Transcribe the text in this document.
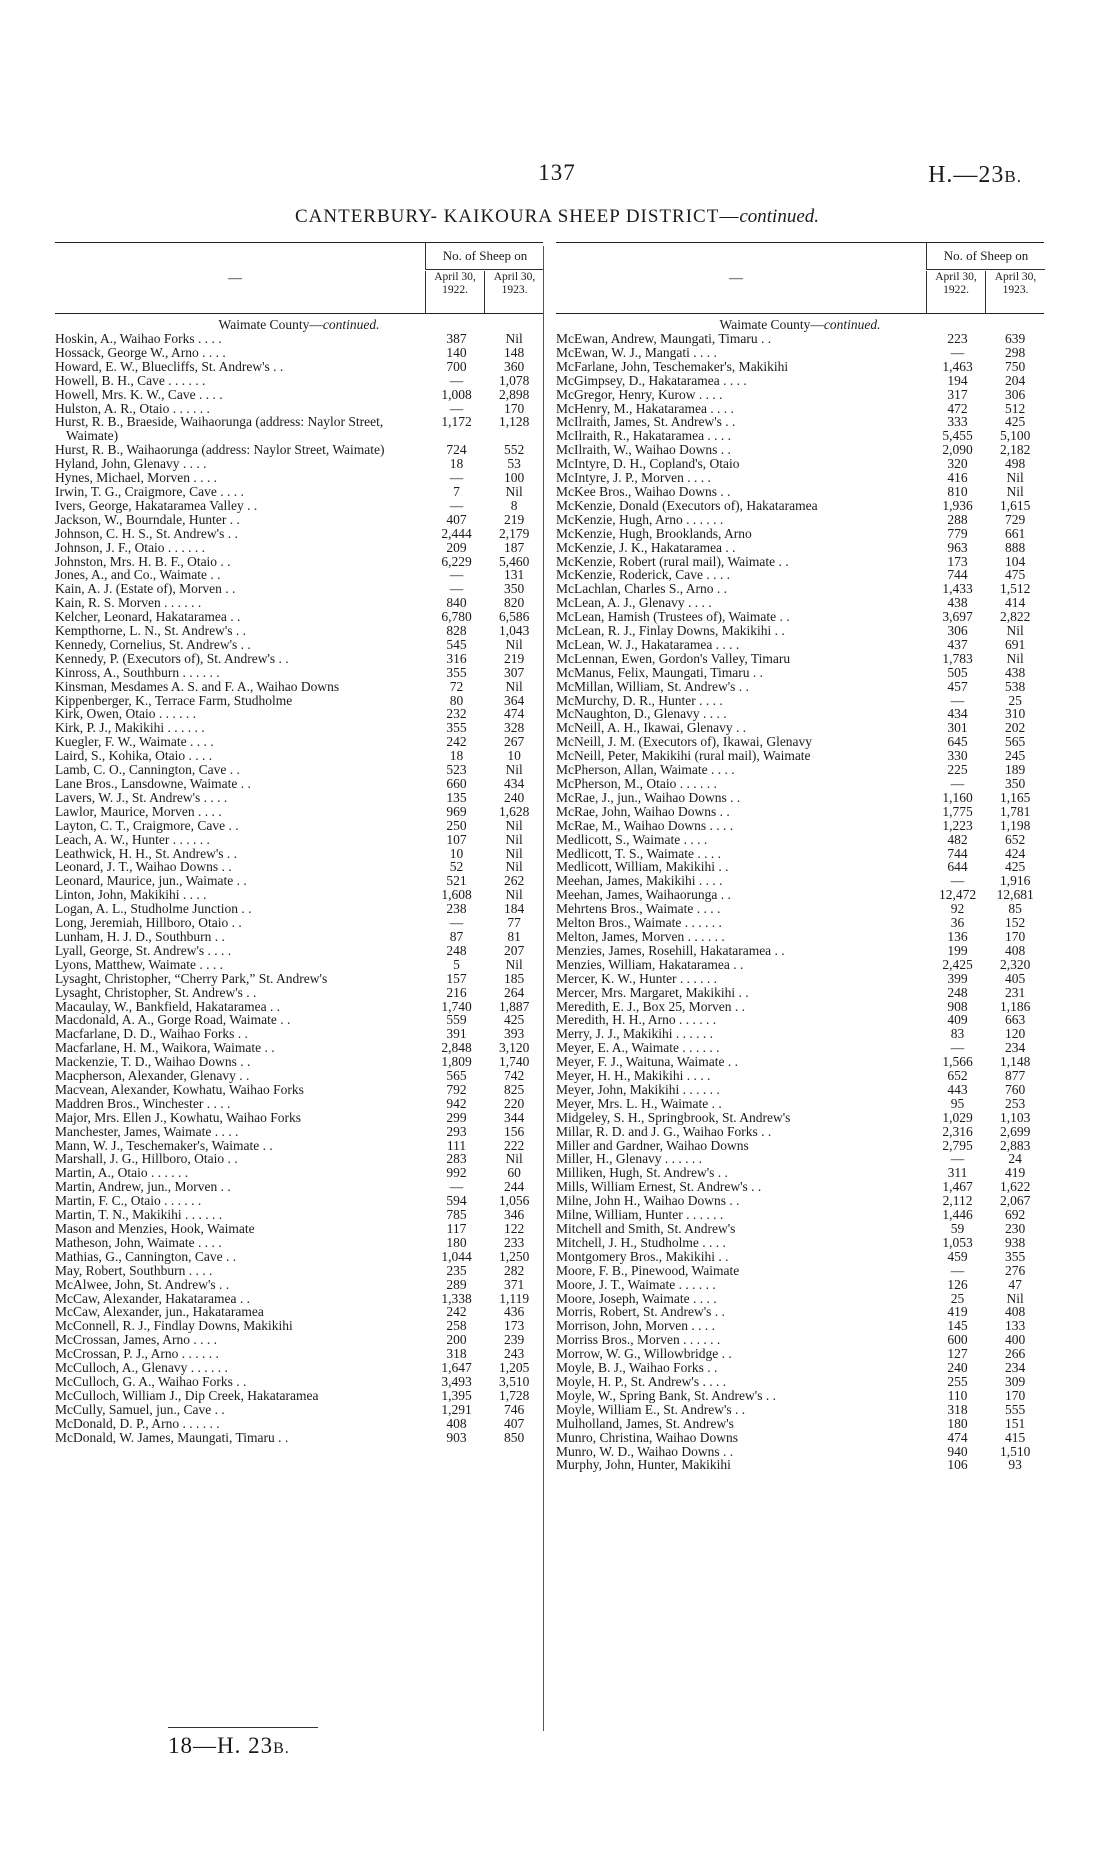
137	H.—23B.
CANTERBURY- KAIKOURA SHEEP DISTRICT—continued.
—
No. of Sheep on
April 30, 1922.
April 30, 1923.
Waimate County—continued.
Hoskin, A., Waihao Forks . . . .	387	Nil
Hossack, George W., Arno . . . .	140	148
Howard, E. W., Bluecliffs, St. Andrew's . .	700	360
Howell, B. H., Cave . . . . . .	—	1,078
Howell, Mrs. K. W., Cave . . . .	1,008	2,898
Hulston, A. R., Otaio . . . . . .	—	170
Hurst, R. B., Braeside, Waihaorunga (address: Naylor Street, Waimate)
1,172	1,128
Hurst, R. B., Waihaorunga (address: Naylor Street, Waimate)	724	552
Hyland, John, Glenavy . . . .	18	53
Hynes, Michael, Morven . . . .	—	100
Irwin, T. G., Craigmore, Cave . . . .	7	Nil
Ivers, George, Hakataramea Valley . .	—	8
Jackson, W., Bourndale, Hunter . .	407	219
Johnson, C. H. S., St. Andrew's . .	2,444	2,179
Johnson, J. F., Otaio . . . . . .	209	187
Johnston, Mrs. H. B. F., Otaio . .	6,229	5,460
Jones, A., and Co., Waimate . .	—	131
Kain, A. J. (Estate of), Morven . .	—	350
Kain, R. S. Morven . . . . . .	840	820
Kelcher, Leonard, Hakataramea . .	6,780	6,586
Kempthorne, L. N., St. Andrew's . .	828	1,043
Kennedy, Cornelius, St. Andrew's . .	545	Nil
Kennedy, P. (Executors of), St. Andrew's . .	316	219
Kinross, A., Southburn . . . . . .	355	307
Kinsman, Mesdames A. S. and F. A., Waihao Downs	72	Nil
Kippenberger, K., Terrace Farm, Studholme	80	364
Kirk, Owen, Otaio . . . . . .	232	474
Kirk, P. J., Makikihi . . . . . .	355	328
Kuegler, F. W., Waimate . . . .	242	267
Laird, S., Kohika, Otaio . . . .	18	10
Lamb, C. O., Cannington, Cave . .	523	Nil
Lane Bros., Lansdowne, Waimate . .	660	434
Lavers, W. J., St. Andrew's . . . .	135	240
Lawlor, Maurice, Morven . . . .	969	1,628
Layton, C. T., Craigmore, Cave . .	250	Nil
Leach, A. W., Hunter . . . . . .	107	Nil
Leathwick, H. H., St. Andrew's . .	10	Nil
Leonard, J. T., Waihao Downs . .	52	Nil
Leonard, Maurice, jun., Waimate . .	521	262
Linton, John, Makikihi . . . .	1,608	Nil
Logan, A. L., Studholme Junction . .	238	184
Long, Jeremiah, Hillboro, Otaio . .	—	77
Lunham, H. J. D., Southburn . .	87	81
Lyall, George, St. Andrew's . . . .	248	207
Lyons, Matthew, Waimate . . . .	5	Nil
Lysaght, Christopher, “Cherry Park,” St. Andrew's	157	185
Lysaght, Christopher, St. Andrew's . .	216	264
Macaulay, W., Bankfield, Hakataramea . .	1,740	1,887
Macdonald, A. A., Gorge Road, Waimate . .	559	425
Macfarlane, D. D., Waihao Forks . .	391	393
Macfarlane, H. M., Waikora, Waimate . .	2,848	3,120
Mackenzie, T. D., Waihao Downs . .	1,809	1,740
Macpherson, Alexander, Glenavy . .	565	742
Macvean, Alexander, Kowhatu, Waihao Forks	792	825
Maddren Bros., Winchester . . . .	942	220
Major, Mrs. Ellen J., Kowhatu, Waihao Forks	299	344
Manchester, James, Waimate . . . .	293	156
Mann, W. J., Teschemaker's, Waimate . .	111	222
Marshall, J. G., Hillboro, Otaio . .	283	Nil
Martin, A., Otaio . . . . . .	992	60
Martin, Andrew, jun., Morven . .	—	244
Martin, F. C., Otaio . . . . . .	594	1,056
Martin, T. N., Makikihi . . . . . .	785	346
Mason and Menzies, Hook, Waimate	117	122
Matheson, John, Waimate . . . .	180	233
Mathias, G., Cannington, Cave . .	1,044	1,250
May, Robert, Southburn . . . .	235	282
McAlwee, John, St. Andrew's . .	289	371
McCaw, Alexander, Hakataramea . .	1,338	1,119
McCaw, Alexander, jun., Hakataramea	242	436
McConnell, R. J., Findlay Downs, Makikihi	258	173
McCrossan, James, Arno . . . .	200	239
McCrossan, P. J., Arno . . . . . .	318	243
McCulloch, A., Glenavy . . . . . .	1,647	1,205
McCulloch, G. A., Waihao Forks . .	3,493	3,510
McCulloch, William J., Dip Creek, Hakataramea	1,395	1,728
McCully, Samuel, jun., Cave . .	1,291	746
McDonald, D. P., Arno . . . . . .	408	407
McDonald, W. James, Maungati, Timaru . .	903	850
—
No. of Sheep on
April 30, 1922.
April 30, 1923.
Waimate County—continued.
McEwan, Andrew, Maungati, Timaru . .	223	639
McEwan, W. J., Mangati . . . .	—	298
McFarlane, John, Teschemaker's, Makikihi	1,463	750
McGimpsey, D., Hakataramea . . . .	194	204
McGregor, Henry, Kurow . . . .	317	306
McHenry, M., Hakataramea . . . .	472	512
McIlraith, James, St. Andrew's . .	333	425
McIlraith, R., Hakataramea . . . .	5,455	5,100
McIlraith, W., Waihao Downs . .	2,090	2,182
McIntyre, D. H., Copland's, Otaio	320	498
McIntyre, J. P., Morven . . . .	416	Nil
McKee Bros., Waihao Downs . .	810	Nil
McKenzie, Donald (Executors of), Hakataramea	1,936	1,615
McKenzie, Hugh, Arno . . . . . .	288	729
McKenzie, Hugh, Brooklands, Arno	779	661
McKenzie, J. K., Hakataramea . .	963	888
McKenzie, Robert (rural mail), Waimate . .	173	104
McKenzie, Roderick, Cave . . . .	744	475
McLachlan, Charles S., Arno . .	1,433	1,512
McLean, A. J., Glenavy . . . .	438	414
McLean, Hamish (Trustees of), Waimate . .	3,697	2,822
McLean, R. J., Finlay Downs, Makikihi . .	306	Nil
McLean, W. J., Hakataramea . . . .	437	691
McLennan, Ewen, Gordon's Valley, Timaru	1,783	Nil
McManus, Felix, Maungati, Timaru . .	505	438
McMillan, William, St. Andrew's . .	457	538
McMurchy, D. R., Hunter . . . .	—	25
McNaughton, D., Glenavy . . . .	434	310
McNeill, A. H., Ikawai, Glenavy . .	301	202
McNeill, J. M. (Executors of), Ikawai, Glenavy	645	565
McNeill, Peter, Makikihi (rural mail), Waimate	330	245
McPherson, Allan, Waimate . . . .	225	189
McPherson, M., Otaio . . . . . .	—	350
McRae, J., jun., Waihao Downs . .	1,160	1,165
McRae, John, Waihao Downs . .	1,775	1,781
McRae, M., Waihao Downs . . . .	1,223	1,198
Medlicott, S., Waimate . . . .	482	652
Medlicott, T. S., Waimate . . . .	744	424
Medlicott, William, Makikihi . .	644	425
Meehan, James, Makikihi . . . .	—	1,916
Meehan, James, Waihaorunga . .	12,472	12,681
Mehrtens Bros., Waimate . . . .	92	85
Melton Bros., Waimate . . . . . .	36	152
Melton, James, Morven . . . . . .	136	170
Menzies, James, Rosehill, Hakataramea . .	199	408
Menzies, William, Hakataramea . .	2,425	2,320
Mercer, K. W., Hunter . . . . . .	399	405
Mercer, Mrs. Margaret, Makikihi . .	248	231
Meredith, E. J., Box 25, Morven . .	908	1,186
Meredith, H. H., Arno . . . . . .	409	663
Merry, J. J., Makikihi . . . . . .	83	120
Meyer, E. A., Waimate . . . . . .	—	234
Meyer, F. J., Waituna, Waimate . .	1,566	1,148
Meyer, H. H., Makikihi . . . .	652	877
Meyer, John, Makikihi . . . . . .	443	760
Meyer, Mrs. L. H., Waimate . .	95	253
Midgeley, S. H., Springbrook, St. Andrew's	1,029	1,103
Millar, R. D. and J. G., Waihao Forks . .	2,316	2,699
Miller and Gardner, Waihao Downs	2,795	2,883
Miller, H., Glenavy . . . . . .	—	24
Milliken, Hugh, St. Andrew's . .	311	419
Mills, William Ernest, St. Andrew's . .	1,467	1,622
Milne, John H., Waihao Downs . .	2,112	2,067
Milne, William, Hunter . . . . . .	1,446	692
Mitchell and Smith, St. Andrew's	59	230
Mitchell, J. H., Studholme . . . .	1,053	938
Montgomery Bros., Makikihi . .	459	355
Moore, F. B., Pinewood, Waimate	—	276
Moore, J. T., Waimate . . . . . .	126	47
Moore, Joseph, Waimate . . . .	25	Nil
Morris, Robert, St. Andrew's . .	419	408
Morrison, John, Morven . . . .	145	133
Morriss Bros., Morven . . . . . .	600	400
Morrow, W. G., Willowbridge . .	127	266
Moyle, B. J., Waihao Forks . .	240	234
Moyle, H. P., St. Andrew's . . . .	255	309
Moyle, W., Spring Bank, St. Andrew's . .	110	170
Moyle, William E., St. Andrew's . .	318	555
Mulholland, James, St. Andrew's	180	151
Munro, Christina, Waihao Downs	474	415
Munro, W. D., Waihao Downs . .	940	1,510
Murphy, John, Hunter, Makikihi	106	93
18—H. 23B.
